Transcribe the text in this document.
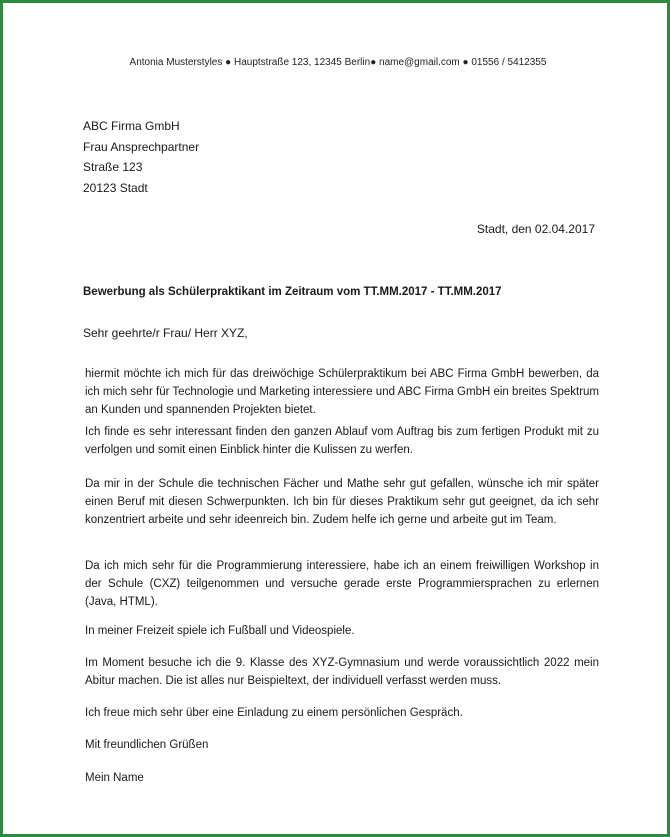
Antonia Musterstyles ● Hauptstraße 123, 12345 Berlin● name@gmail.com ● 01556 / 5412355
ABC Firma GmbH
Frau Ansprechpartner
Straße 123
20123 Stadt
Stadt, den 02.04.2017
Bewerbung als Schülerpraktikant im Zeitraum vom TT.MM.2017 - TT.MM.2017
Sehr geehrte/r Frau/ Herr XYZ,
hiermit möchte ich mich für das dreiwöchige Schülerpraktikum bei ABC Firma GmbH bewerben, da ich mich sehr für Technologie und Marketing interessiere und ABC Firma GmbH ein breites Spektrum an Kunden und spannenden Projekten bietet.
Ich finde es sehr interessant finden den ganzen Ablauf vom Auftrag bis zum fertigen Produkt mit zu verfolgen und somit einen Einblick hinter die Kulissen zu werfen.
Da mir in der Schule die technischen Fächer und Mathe sehr gut gefallen, wünsche ich mir später einen Beruf mit diesen Schwerpunkten. Ich bin für dieses Praktikum sehr gut geeignet, da ich sehr konzentriert arbeite und sehr ideenreich bin. Zudem helfe ich gerne und arbeite gut im Team.
Da ich mich sehr für die Programmierung interessiere, habe ich an einem freiwilligen Workshop in der Schule (CXZ) teilgenommen und versuche gerade erste Programmiersprachen zu erlernen (Java, HTML).
In meiner Freizeit spiele ich Fußball und Videospiele.
Im Moment besuche ich die 9. Klasse des XYZ-Gymnasium und werde voraussichtlich 2022 mein Abitur machen. Die ist alles nur Beispieltext, der individuell verfasst werden muss.
Ich freue mich sehr über eine Einladung zu einem persönlichen Gespräch.
Mit freundlichen Grüßen
Mein Name
